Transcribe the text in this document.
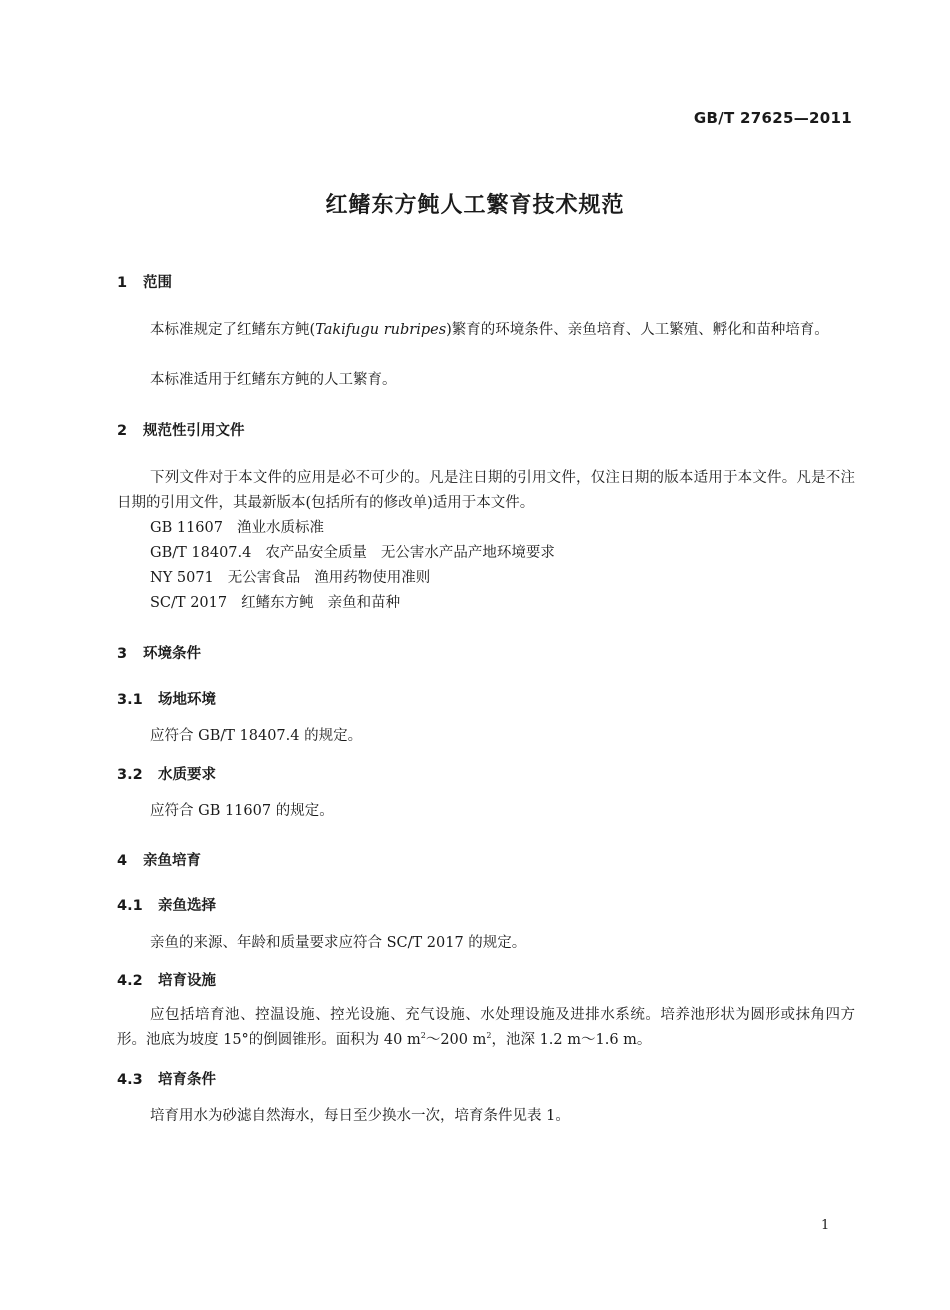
GB/T 27625—2011
红鳍东方鲀人工繁育技术规范
1 范围
本标准规定了红鳍东方鲀(Takifugu rubripes)繁育的环境条件、亲鱼培育、人工繁殖、孵化和苗种培育。
本标准适用于红鳍东方鲀的人工繁育。
2 规范性引用文件
下列文件对于本文件的应用是必不可少的。凡是注日期的引用文件，仅注日期的版本适用于本文件。凡是不注日期的引用文件，其最新版本(包括所有的修改单)适用于本文件。
GB 11607 渔业水质标准
GB/T 18407.4 农产品安全质量 无公害水产品产地环境要求
NY 5071 无公害食品 渔用药物使用准则
SC/T 2017 红鳍东方鲀 亲鱼和苗种
3 环境条件
3.1 场地环境
应符合 GB/T 18407.4 的规定。
3.2 水质要求
应符合 GB 11607 的规定。
4 亲鱼培育
4.1 亲鱼选择
亲鱼的来源、年龄和质量要求应符合 SC/T 2017 的规定。
4.2 培育设施
应包括培育池、控温设施、控光设施、充气设施、水处理设施及进排水系统。培养池形状为圆形或抹角四方形。池底为坡度 15°的倒圆锥形。面积为 40 $m^2\sim 200$ $m^2$，池深 1.2 m～1.6 m。
4.3 培育条件
培育用水为砂滤自然海水，每日至少换水一次，培育条件见表 1。
1
